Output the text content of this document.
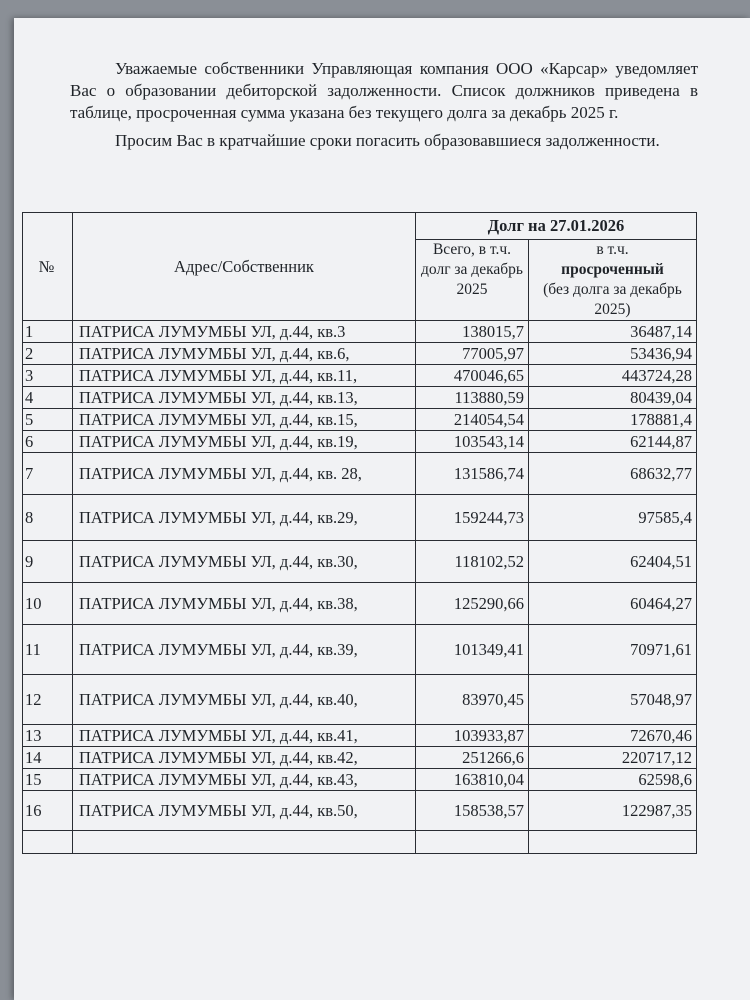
Уважаемые собственники Управляющая компания ООО «Карсар» уведомляет Вас о образовании дебиторской задолженности. Список должников приведена в таблице, просроченная сумма указана без текущего долга за декабрь 2025 г.

Просим Вас в кратчайшие сроки погасить образовавшиеся задолженности.

№	Адрес/Собственник	Долг на 27.01.2026	
		Всего, в т.ч. долг за декабрь 2025	в т.ч.
просроченный
(без долга за декабрь 2025)

1	ПАТРИСА ЛУМУМБЫ УЛ, д.44, кв.3	138015,7	36487,14
2	ПАТРИСА ЛУМУМБЫ УЛ, д.44, кв.6,	77005,97	53436,94
3	ПАТРИСА ЛУМУМБЫ УЛ, д.44, кв.11,	470046,65	443724,28
4	ПАТРИСА ЛУМУМБЫ УЛ, д.44, кв.13,	113880,59	80439,04
5	ПАТРИСА ЛУМУМБЫ УЛ, д.44, кв.15,	214054,54	178881,4
6	ПАТРИСА ЛУМУМБЫ УЛ, д.44, кв.19,	103543,14	62144,87
7	ПАТРИСА ЛУМУМБЫ УЛ, д.44, кв. 28,	131586,74	68632,77
8	ПАТРИСА ЛУМУМБЫ УЛ, д.44, кв.29,	159244,73	97585,4
9	ПАТРИСА ЛУМУМБЫ УЛ, д.44, кв.30,	118102,52	62404,51
10	ПАТРИСА ЛУМУМБЫ УЛ, д.44, кв.38,	125290,66	60464,27
11	ПАТРИСА ЛУМУМБЫ УЛ, д.44, кв.39,	101349,41	70971,61
12	ПАТРИСА ЛУМУМБЫ УЛ, д.44, кв.40,	83970,45	57048,97
13	ПАТРИСА ЛУМУМБЫ УЛ, д.44, кв.41,	103933,87	72670,46
14	ПАТРИСА ЛУМУМБЫ УЛ, д.44, кв.42,	251266,6	220717,12
15	ПАТРИСА ЛУМУМБЫ УЛ, д.44, кв.43,	163810,04	62598,6
16	ПАТРИСА ЛУМУМБЫ УЛ, д.44, кв.50,	158538,57	122987,35
